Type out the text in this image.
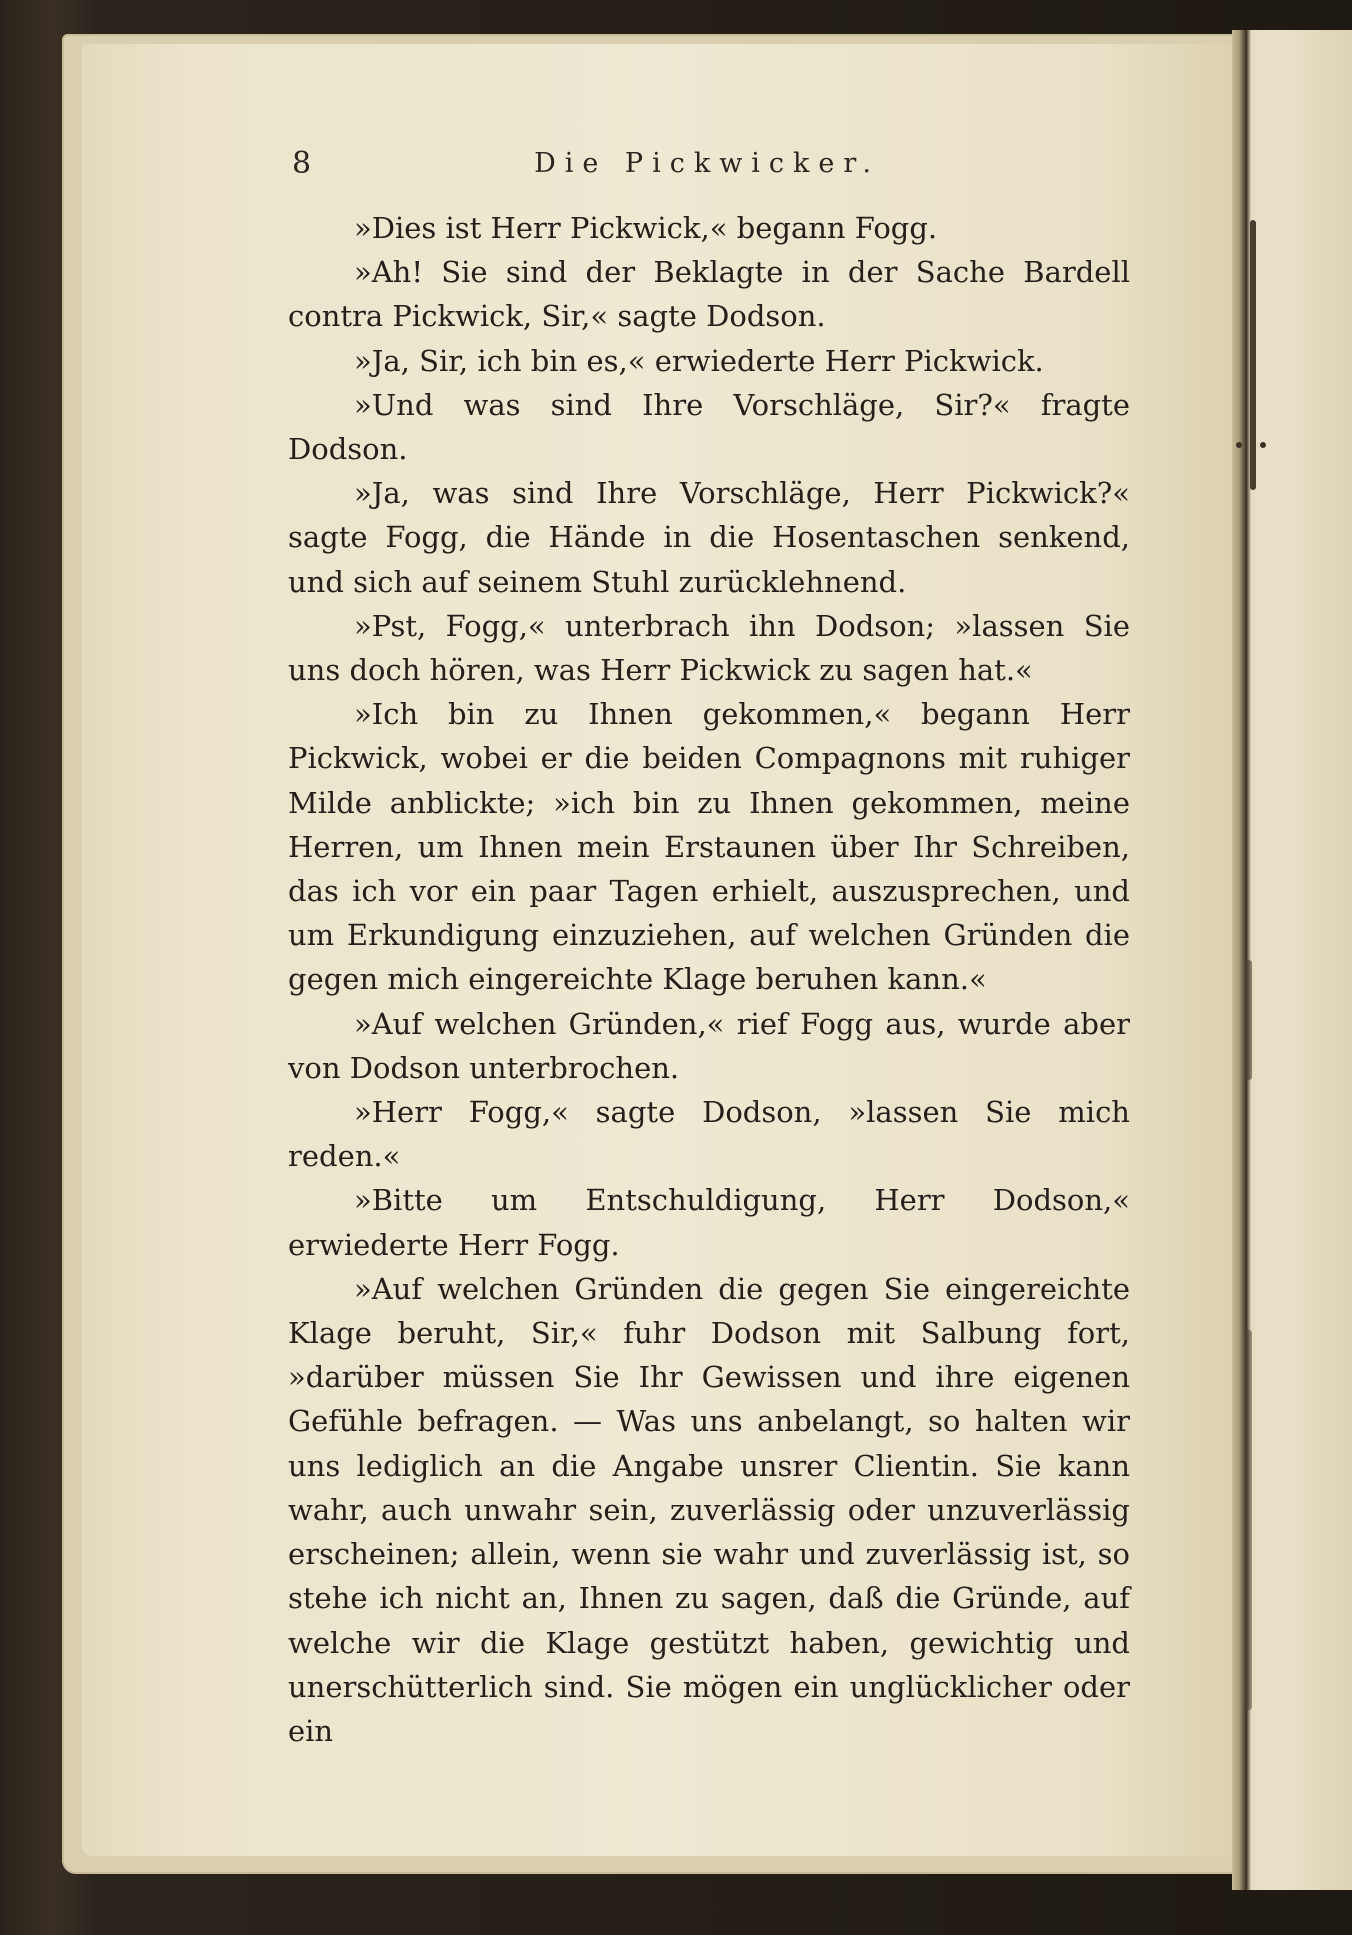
8	Die Pickwicker.

»Dies ist Herr Pickwick,« begann Fogg.

»Ah! Sie sind der Beklagte in der Sache Bardell contra Pickwick, Sir,« sagte Dodson.

»Ja, Sir, ich bin es,« erwiederte Herr Pickwick.

»Und was sind Ihre Vorschläge, Sir?« fragte Dodson.

»Ja, was sind Ihre Vorschläge, Herr Pickwick?« sagte Fogg, die Hände in die Hosentaschen senkend, und sich auf seinem Stuhl zurücklehnend.

»Pst, Fogg,« unterbrach ihn Dodson; »lassen Sie uns doch hören, was Herr Pickwick zu sagen hat.«

»Ich bin zu Ihnen gekommen,« begann Herr Pickwick, wobei er die beiden Compagnons mit ruhiger Milde anblickte; »ich bin zu Ihnen gekommen, meine Herren, um Ihnen mein Erstaunen über Ihr Schreiben, das ich vor ein paar Tagen erhielt, auszusprechen, und um Erkundigung einzuziehen, auf welchen Gründen die gegen mich eingereichte Klage beruhen kann.«

»Auf welchen Gründen,« rief Fogg aus, wurde aber von Dodson unterbrochen.

»Herr Fogg,« sagte Dodson, »lassen Sie mich reden.«

»Bitte um Entschuldigung, Herr Dodson,« erwiederte Herr Fogg.

»Auf welchen Gründen die gegen Sie eingereichte Klage beruht, Sir,« fuhr Dodson mit Salbung fort, »darüber müssen Sie Ihr Gewissen und ihre eigenen Gefühle befragen. — Was uns anbelangt, so halten wir uns lediglich an die Angabe unsrer Clientin. Sie kann wahr, auch unwahr sein, zuverlässig oder unzuverlässig erscheinen; allein, wenn sie wahr und zuverlässig ist, so stehe ich nicht an, Ihnen zu sagen, daß die Gründe, auf welche wir die Klage gestützt haben, gewichtig und unerschütterlich sind. Sie mögen ein unglücklicher oder ein
